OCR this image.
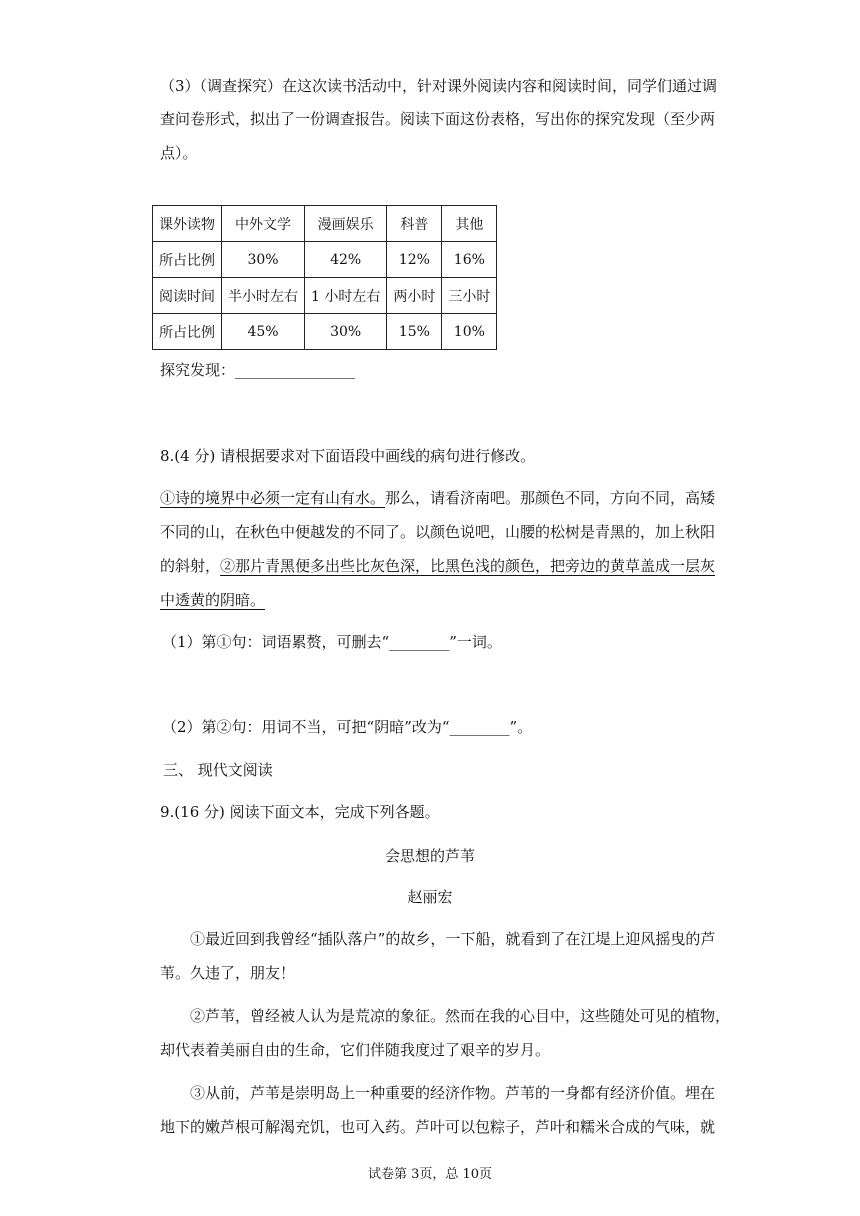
（3）（调查探究）在这次读书活动中，针对课外阅读内容和阅读时间，同学们通过调
查问卷形式，拟出了一份调查报告。阅读下面这份表格，写出你的探究发现（至少两
点）。
课外读物	中外文学	漫画娱乐	科普	其他
所占比例	30%	42%	12%	16%
阅读时间	半小时左右	1 小时左右	两小时	三小时
所占比例	45%	30%	15%	10%
探究发现：________________
8.(4 分) 请根据要求对下面语段中画线的病句进行修改。
①诗的境界中必须一定有山有水。那么，请看济南吧。那颜色不同，方向不同，高矮
不同的山，在秋色中便越发的不同了。以颜色说吧，山腰的松树是青黑的，加上秋阳
的斜射，②那片青黑便多出些比灰色深，比黑色浅的颜色，把旁边的黄草盖成一层灰
中透黄的阴暗。
（1）第①句：词语累赘，可删去“________”一词。
（2）第②句：用词不当，可把“阴暗”改为“________”。
三、 现代文阅读
9.(16 分) 阅读下面文本，完成下列各题。
会思想的芦苇
赵丽宏
①最近回到我曾经“插队落户”的故乡，一下船，就看到了在江堤上迎风摇曳的芦
苇。久违了，朋友！
②芦苇，曾经被人认为是荒凉的象征。然而在我的心目中，这些随处可见的植物，
却代表着美丽自由的生命，它们伴随我度过了艰辛的岁月。
③从前，芦苇是崇明岛上一种重要的经济作物。芦苇的一身都有经济价值。埋在
地下的嫩芦根可解渴充饥，也可入药。芦叶可以包粽子，芦叶和糯米合成的气味，就
试卷第 3页，总 10页
